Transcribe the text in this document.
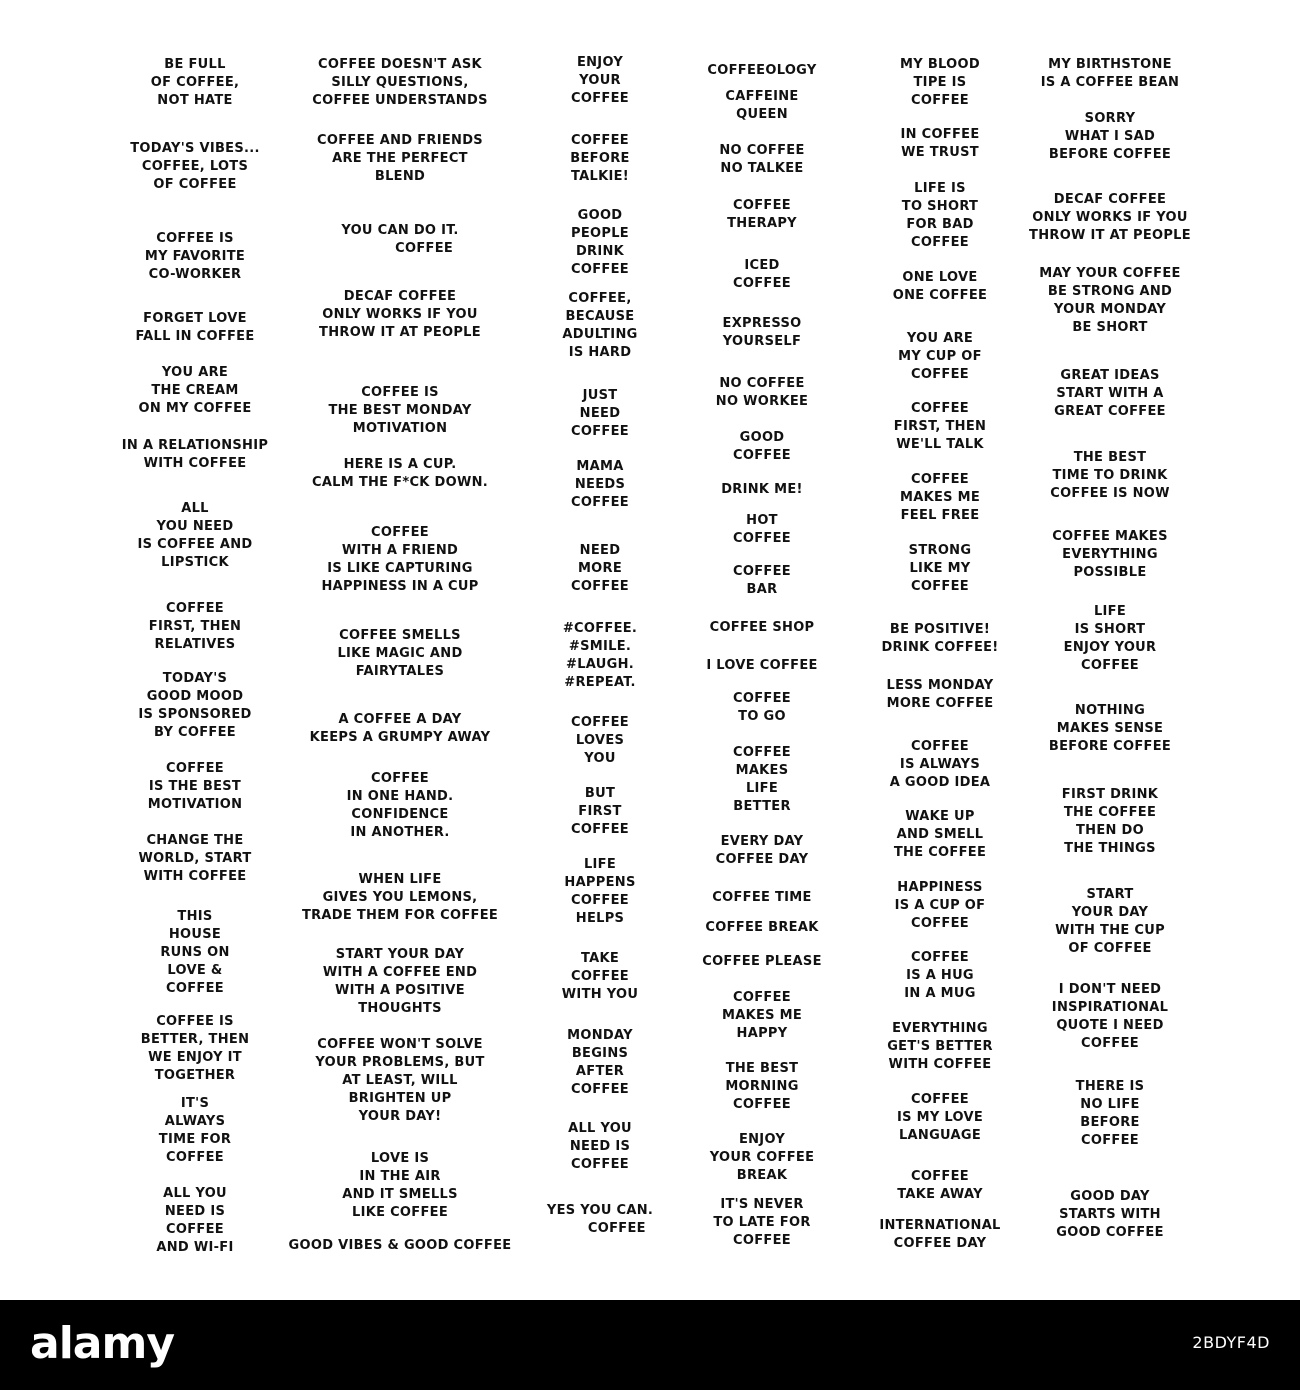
BE FULL
OF COFFEE,
NOT HATE
TODAY'S VIBES...
COFFEE, LOTS
OF COFFEE
COFFEE IS
MY FAVORITE
CO-WORKER
FORGET LOVE
FALL IN COFFEE
YOU ARE
THE CREAM
ON MY COFFEE
IN A RELATIONSHIP
WITH COFFEE
ALL
YOU NEED
IS COFFEE AND
LIPSTICK
COFFEE
FIRST, THEN
RELATIVES
TODAY'S
GOOD MOOD
IS SPONSORED
BY COFFEE
COFFEE
IS THE BEST
MOTIVATION
CHANGE THE
WORLD, START
WITH COFFEE
THIS
HOUSE
RUNS ON
LOVE &
COFFEE
COFFEE IS
BETTER, THEN
WE ENJOY IT
TOGETHER
IT'S
ALWAYS
TIME FOR
COFFEE
ALL YOU
NEED IS
COFFEE
AND WI-FI
COFFEE DOESN'T ASK
SILLY QUESTIONS,
COFFEE UNDERSTANDS
COFFEE AND FRIENDS
ARE THE PERFECT
BLEND
YOU CAN DO IT.
COFFEE
DECAF COFFEE
ONLY WORKS IF YOU
THROW IT AT PEOPLE
COFFEE IS
THE BEST MONDAY
MOTIVATION
HERE IS A CUP.
CALM THE F*CK DOWN.
COFFEE
WITH A FRIEND
IS LIKE CAPTURING
HAPPINESS IN A CUP
COFFEE SMELLS
LIKE MAGIC AND
FAIRYTALES
A COFFEE A DAY
KEEPS A GRUMPY AWAY
COFFEE
IN ONE HAND.
CONFIDENCE
IN ANOTHER.
WHEN LIFE
GIVES YOU LEMONS,
TRADE THEM FOR COFFEE
START YOUR DAY
WITH A COFFEE END
WITH A POSITIVE
THOUGHTS
COFFEE WON'T SOLVE
YOUR PROBLEMS, BUT
AT LEAST, WILL
BRIGHTEN UP
YOUR DAY!
LOVE IS
IN THE AIR
AND IT SMELLS
LIKE COFFEE
GOOD VIBES & GOOD COFFEE
ENJOY
YOUR
COFFEE
COFFEE
BEFORE
TALKIE!
GOOD
PEOPLE
DRINK
COFFEE
COFFEE,
BECAUSE
ADULTING
IS HARD
JUST
NEED
COFFEE
MAMA
NEEDS
COFFEE
NEED
MORE
COFFEE
#COFFEE.
#SMILE.
#LAUGH.
#REPEAT.
COFFEE
LOVES
YOU
BUT
FIRST
COFFEE
LIFE
HAPPENS
COFFEE
HELPS
TAKE
COFFEE
WITH YOU
MONDAY
BEGINS
AFTER
COFFEE
ALL YOU
NEED IS
COFFEE
YES YOU CAN.
COFFEE
COFFEEOLOGY
CAFFEINE
QUEEN
NO COFFEE
NO TALKEE
COFFEE
THERAPY
ICED
COFFEE
EXPRESSO
YOURSELF
NO COFFEE
NO WORKEE
GOOD
COFFEE
DRINK ME!
HOT
COFFEE
COFFEE
BAR
COFFEE SHOP
I LOVE COFFEE
COFFEE
TO GO
COFFEE
MAKES
LIFE
BETTER
EVERY DAY
COFFEE DAY
COFFEE TIME
COFFEE BREAK
COFFEE PLEASE
COFFEE
MAKES ME
HAPPY
THE BEST
MORNING
COFFEE
ENJOY
YOUR COFFEE
BREAK
IT'S NEVER
TO LATE FOR
COFFEE
MY BLOOD
TIPE IS
COFFEE
IN COFFEE
WE TRUST
LIFE IS
TO SHORT
FOR BAD
COFFEE
ONE LOVE
ONE COFFEE
YOU ARE
MY CUP OF
COFFEE
COFFEE
FIRST, THEN
WE'LL TALK
COFFEE
MAKES ME
FEEL FREE
STRONG
LIKE MY
COFFEE
BE POSITIVE!
DRINK COFFEE!
LESS MONDAY
MORE COFFEE
COFFEE
IS ALWAYS
A GOOD IDEA
WAKE UP
AND SMELL
THE COFFEE
HAPPINESS
IS A CUP OF
COFFEE
COFFEE
IS A HUG
IN A MUG
EVERYTHING
GET'S BETTER
WITH COFFEE
COFFEE
IS MY LOVE
LANGUAGE
COFFEE
TAKE AWAY
INTERNATIONAL
COFFEE DAY
MY BIRTHSTONE
IS A COFFEE BEAN
SORRY
WHAT I SAD
BEFORE COFFEE
DECAF COFFEE
ONLY WORKS IF YOU
THROW IT AT PEOPLE
MAY YOUR COFFEE
BE STRONG AND
YOUR MONDAY
BE SHORT
GREAT IDEAS
START WITH A
GREAT COFFEE
THE BEST
TIME TO DRINK
COFFEE IS NOW
COFFEE MAKES
EVERYTHING
POSSIBLE
LIFE
IS SHORT
ENJOY YOUR
COFFEE
NOTHING
MAKES SENSE
BEFORE COFFEE
FIRST DRINK
THE COFFEE
THEN DO
THE THINGS
START
YOUR DAY
WITH THE CUP
OF COFFEE
I DON'T NEED
INSPIRATIONAL
QUOTE I NEED
COFFEE
THERE IS
NO LIFE
BEFORE
COFFEE
GOOD DAY
STARTS WITH
GOOD COFFEE
alamy	2BDYF4D
